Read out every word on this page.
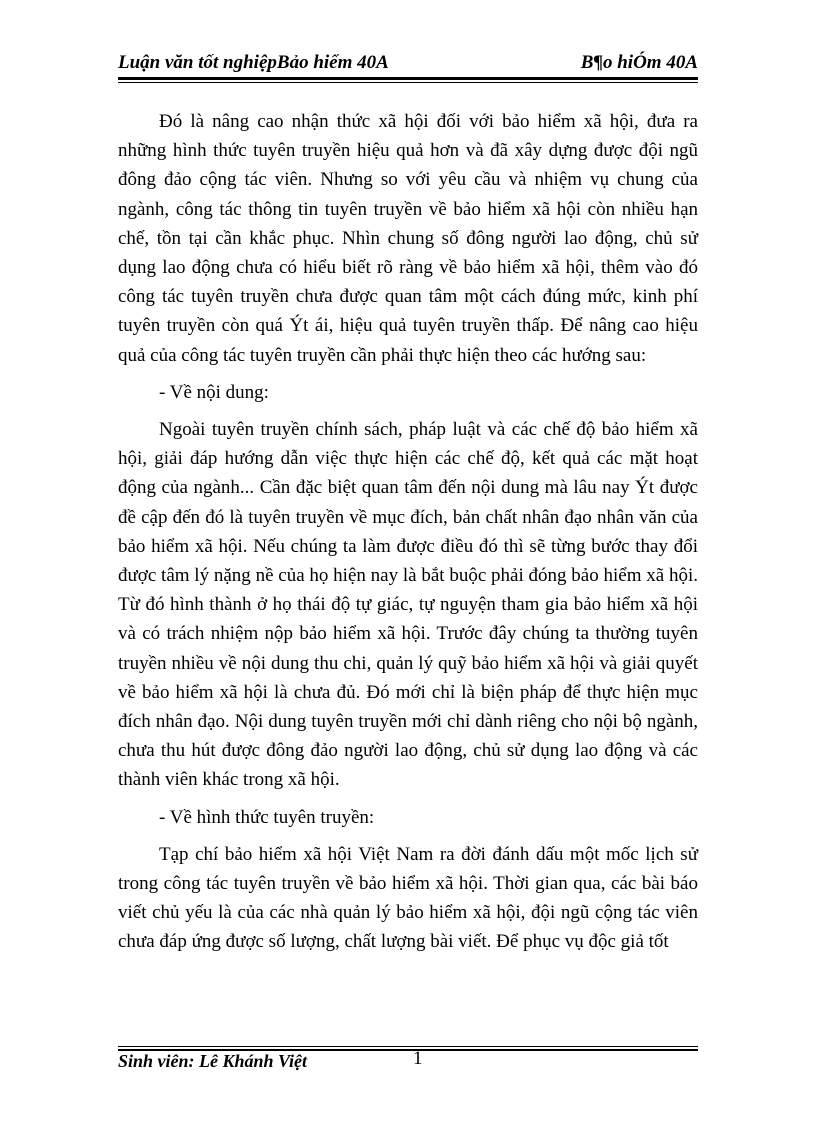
Luận văn tốt nghiệpBảo hiểm 40A	B¶o hiÓm 40A

Đó là nâng cao nhận thức xã hội đối với bảo hiểm xã hội, đưa ra những hình thức tuyên truyền hiệu quả hơn và đã xây dựng được đội ngũ đông đảo cộng tác viên. Nhưng so với yêu cầu và nhiệm vụ chung của ngành, công tác thông tin tuyên truyền về bảo hiểm xã hội còn nhiều hạn chế, tồn tại cần khắc phục. Nhìn chung số đông người lao động, chủ sử dụng lao động chưa có hiểu biết rõ ràng về bảo hiểm xã hội, thêm vào đó công tác tuyên truyền chưa được quan tâm một cách đúng mức, kinh phí tuyên truyền còn quá Ýt ái, hiệu quả tuyên truyền thấp. Để nâng cao hiệu quả của công tác tuyên truyền cần phải thực hiện theo các hướng sau:

- Về nội dung:

Ngoài tuyên truyền chính sách, pháp luật và các chế độ bảo hiểm xã hội, giải đáp hướng dẫn việc thực hiện các chế độ, kết quả các mặt hoạt động của ngành... Cần đặc biệt quan tâm đến nội dung mà lâu nay Ýt được đề cập đến đó là tuyên truyền về mục đích, bản chất nhân đạo nhân văn của bảo hiểm xã hội. Nếu chúng ta làm được điều đó thì sẽ từng bước thay đổi được tâm lý nặng nề của họ hiện nay là bắt buộc phải đóng bảo hiểm xã hội. Từ đó hình thành ở họ thái độ tự giác, tự nguyện tham gia bảo hiểm xã hội và có trách nhiệm nộp bảo hiểm xã hội. Trước đây chúng ta thường tuyên truyền nhiều về nội dung thu chi, quản lý quỹ bảo hiểm xã hội và giải quyết về bảo hiểm xã hội là chưa đủ. Đó mới chỉ là biện pháp để thực hiện mục đích nhân đạo. Nội dung tuyên truyền mới chỉ dành riêng cho nội bộ ngành, chưa thu hút được đông đảo người lao động, chủ sử dụng lao động và các thành viên khác trong xã hội.

- Về hình thức tuyên truyền:

Tạp chí bảo hiểm xã hội Việt Nam ra đời đánh dấu một mốc lịch sử trong công tác tuyên truyền về bảo hiểm xã hội. Thời gian qua, các bài báo viết chủ yếu là của các nhà quản lý bảo hiểm xã hội, đội ngũ cộng tác viên chưa đáp ứng được số lượng, chất lượng bài viết. Để phục vụ độc giả tốt

Sinh viên: Lê Khánh Việt	1
